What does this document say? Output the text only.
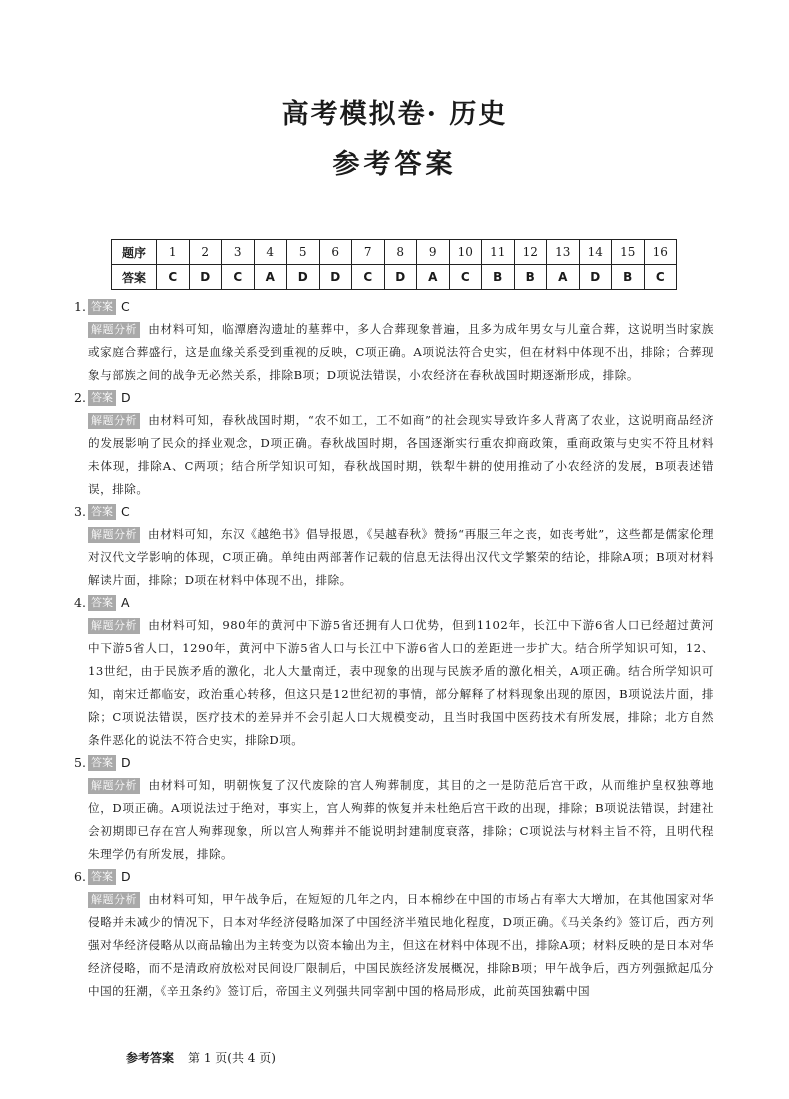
高考模拟卷· 历史
参考答案
题序	1	2	3	4	5	6	7	8	9	10	11	12	13	14	15	16
答案	C	D	C	A	D	D	C	D	A	C	B	B	A	D	B	C
1. 答案 C
解题分析 由材料可知，临潭磨沟遗址的墓葬中，多人合葬现象普遍，且多为成年男女与儿童合葬，这说明当时家族或家庭合葬盛行，这是血缘关系受到重视的反映，C项正确。A项说法符合史实，但在材料中体现不出，排除；合葬现象与部族之间的战争无必然关系，排除B项；D项说法错误，小农经济在春秋战国时期逐渐形成，排除。
2. 答案 D
解题分析 由材料可知，春秋战国时期，“农不如工，工不如商”的社会现实导致许多人背离了农业，这说明商品经济的发展影响了民众的择业观念，D项正确。春秋战国时期，各国逐渐实行重农抑商政策，重商政策与史实不符且材料未体现，排除A、C两项；结合所学知识可知，春秋战国时期，铁犁牛耕的使用推动了小农经济的发展，B项表述错误，排除。
3. 答案 C
解题分析 由材料可知，东汉《越绝书》倡导报恩，《吴越春秋》赞扬“再服三年之丧，如丧考妣”，这些都是儒家伦理对汉代文学影响的体现，C项正确。单纯由两部著作记载的信息无法得出汉代文学繁荣的结论，排除A项；B项对材料解读片面，排除；D项在材料中体现不出，排除。
4. 答案 A
解题分析 由材料可知，980年的黄河中下游5省还拥有人口优势，但到1102年，长江中下游6省人口已经超过黄河中下游5省人口，1290年，黄河中下游5省人口与长江中下游6省人口的差距进一步扩大。结合所学知识可知，12、13世纪，由于民族矛盾的激化，北人大量南迁，表中现象的出现与民族矛盾的激化相关，A项正确。结合所学知识可知，南宋迁都临安，政治重心转移，但这只是12世纪初的事情，部分解释了材料现象出现的原因，B项说法片面，排除；C项说法错误，医疗技术的差异并不会引起人口大规模变动，且当时我国中医药技术有所发展，排除；北方自然条件恶化的说法不符合史实，排除D项。
5. 答案 D
解题分析 由材料可知，明朝恢复了汉代废除的宫人殉葬制度，其目的之一是防范后宫干政，从而维护皇权独尊地位，D项正确。A项说法过于绝对，事实上，宫人殉葬的恢复并未杜绝后宫干政的出现，排除；B项说法错误，封建社会初期即已存在宫人殉葬现象，所以宫人殉葬并不能说明封建制度衰落，排除；C项说法与材料主旨不符，且明代程朱理学仍有所发展，排除。
6. 答案 D
解题分析 由材料可知，甲午战争后，在短短的几年之内，日本棉纱在中国的市场占有率大大增加，在其他国家对华侵略并未减少的情况下，日本对华经济侵略加深了中国经济半殖民地化程度，D项正确。《马关条约》签订后，西方列强对华经济侵略从以商品输出为主转变为以资本输出为主，但这在材料中体现不出，排除A项；材料反映的是日本对华经济侵略，而不是清政府放松对民间设厂限制后，中国民族经济发展概况，排除B项；甲午战争后，西方列强掀起瓜分中国的狂潮，《辛丑条约》签订后，帝国主义列强共同宰割中国的格局形成，此前英国独霸中国
参考答案 第 1 页(共 4 页)
